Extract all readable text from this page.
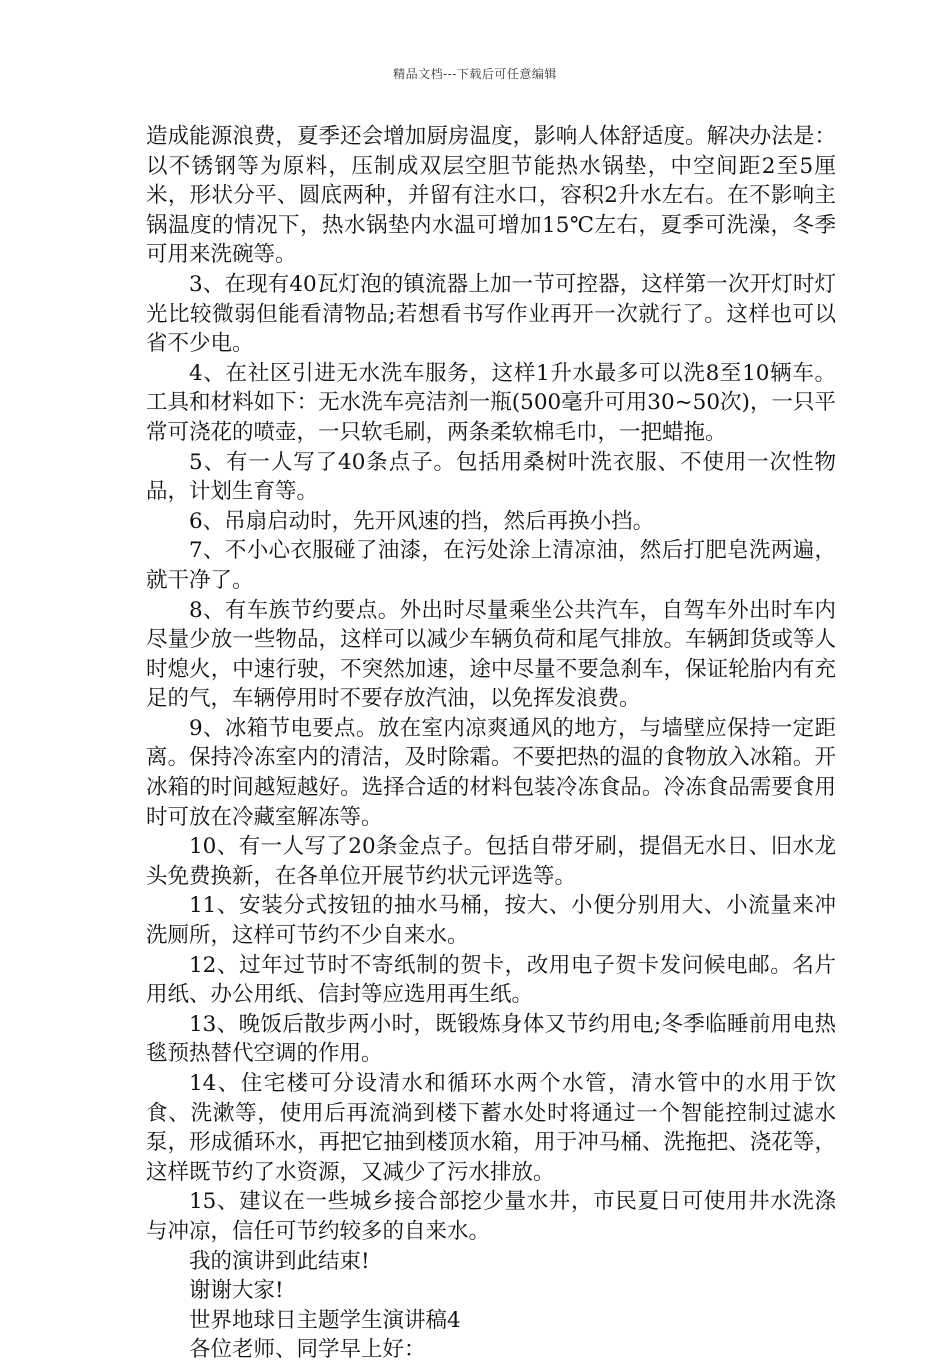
精品文档---下载后可任意编辑

造成能源浪费，夏季还会增加厨房温度，影响人体舒适度。解决办法是：以不锈钢等为原料，压制成双层空胆节能热水锅垫，中空间距2至5厘米，形状分平、圆底两种，并留有注水口，容积2升水左右。在不影响主锅温度的情况下，热水锅垫内水温可增加15℃左右，夏季可洗澡，冬季可用来洗碗等。

3、在现有40瓦灯泡的镇流器上加一节可控器，这样第一次开灯时灯光比较微弱但能看清物品;若想看书写作业再开一次就行了。这样也可以省不少电。

4、在社区引进无水洗车服务，这样1升水最多可以洗8至10辆车。工具和材料如下：无水洗车亮洁剂一瓶(500毫升可用30~50次)，一只平常可浇花的喷壶，一只软毛刷，两条柔软棉毛巾，一把蜡拖。

5、有一人写了40条点子。包括用桑树叶洗衣服、不使用一次性物品，计划生育等。

6、吊扇启动时，先开风速的挡，然后再换小挡。

7、不小心衣服碰了油漆，在污处涂上清凉油，然后打肥皂洗两遍，就干净了。

8、有车族节约要点。外出时尽量乘坐公共汽车，自驾车外出时车内尽量少放一些物品，这样可以减少车辆负荷和尾气排放。车辆卸货或等人时熄火，中速行驶，不突然加速，途中尽量不要急刹车，保证轮胎内有充足的气，车辆停用时不要存放汽油，以免挥发浪费。

9、冰箱节电要点。放在室内凉爽通风的地方，与墙壁应保持一定距离。保持冷冻室内的清洁，及时除霜。不要把热的温的食物放入冰箱。开冰箱的时间越短越好。选择合适的材料包装冷冻食品。冷冻食品需要食用时可放在冷藏室解冻等。

10、有一人写了20条金点子。包括自带牙刷，提倡无水日、旧水龙头免费换新，在各单位开展节约状元评选等。

11、安装分式按钮的抽水马桶，按大、小便分别用大、小流量来冲洗厕所，这样可节约不少自来水。

12、过年过节时不寄纸制的贺卡，改用电子贺卡发问候电邮。名片用纸、办公用纸、信封等应选用再生纸。

13、晚饭后散步两小时，既锻炼身体又节约用电;冬季临睡前用电热毯预热替代空调的作用。

14、住宅楼可分设清水和循环水两个水管，清水管中的水用于饮食、洗漱等，使用后再流淌到楼下蓄水处时将通过一个智能控制过滤水泵，形成循环水，再把它抽到楼顶水箱，用于冲马桶、洗拖把、浇花等，这样既节约了水资源，又减少了污水排放。

15、建议在一些城乡接合部挖少量水井，市民夏日可使用井水洗涤与冲凉，信任可节约较多的自来水。

我的演讲到此结束!

谢谢大家!

世界地球日主题学生演讲稿4

各位老师、同学早上好：
